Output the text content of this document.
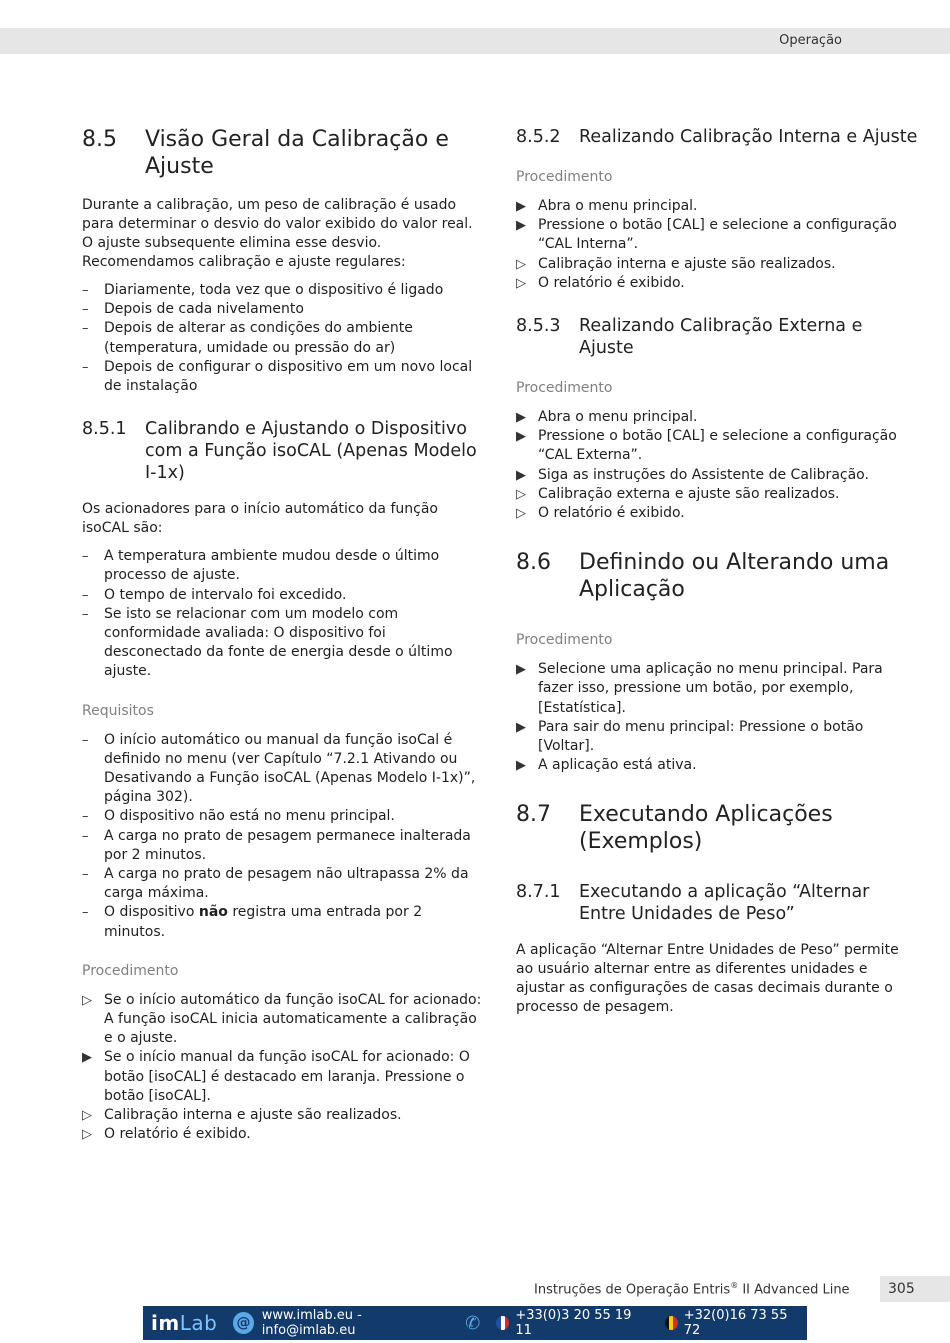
Operação
8.5	Visão Geral da Calibração e Ajuste

Durante a calibração, um peso de calibração é usado para determinar o desvio do valor exibido do valor real. O ajuste subsequente elimina esse desvio. Recomendamos calibração e ajuste regulares:

–	Diariamente, toda vez que o dispositivo é ligado
–	Depois de cada nivelamento
–	Depois de alterar as condições do ambiente (temperatura, umidade ou pressão do ar)
–	Depois de configurar o dispositivo em um novo local de instalação
8.5.1	Calibrando e Ajustando o Dispositivo com a Função isoCAL (Apenas Modelo I-1x)

Os acionadores para o início automático da função isoCAL são:

–	A temperatura ambiente mudou desde o último processo de ajuste.
–	O tempo de intervalo foi excedido.
–	Se isto se relacionar com um modelo com conformidade avaliada: O dispositivo foi desconectado da fonte de energia desde o último ajuste.
Requisitos
–	O início automático ou manual da função isoCal é definido no menu (ver Capítulo “7.2.1 Ativando ou Desativando a Função isoCAL (Apenas Modelo I-1x)”, página 302).
–	O dispositivo não está no menu principal.
–	A carga no prato de pesagem permanece inalterada por 2 minutos.
–	A carga no prato de pesagem não ultrapassa 2% da carga máxima.
–	O dispositivo não registra uma entrada por 2 minutos.
Procedimento
▷ Se o início automático da função isoCAL for acionado: A função isoCAL inicia automaticamente a calibração e o ajuste.
▶ Se o início manual da função isoCAL for acionado: O botão [isoCAL] é destacado em laranja. Pressione o botão [isoCAL].
▷ Calibração interna e ajuste são realizados.
▷ O relatório é exibido.
8.5.2	Realizando Calibração Interna e Ajuste
Procedimento
▶ Abra o menu principal.
▶ Pressione o botão [CAL] e selecione a configuração “CAL Interna”.
▷ Calibração interna e ajuste são realizados.
▷ O relatório é exibido.
8.5.3	Realizando Calibração Externa e Ajuste
Procedimento
▶ Abra o menu principal.
▶ Pressione o botão [CAL] e selecione a configuração “CAL Externa”.
▶ Siga as instruções do Assistente de Calibração.
▷ Calibração externa e ajuste são realizados.
▷ O relatório é exibido.
8.6	Definindo ou Alterando uma Aplicação
Procedimento
▶ Selecione uma aplicação no menu principal. Para fazer isso, pressione um botão, por exemplo, [Estatística].
▶ Para sair do menu principal: Pressione o botão [Voltar].
▶ A aplicação está ativa.
8.7	Executando Aplicações (Exemplos)
8.7.1	Executando a aplicação “Alternar Entre Unidades de Peso”

A aplicação “Alternar Entre Unidades de Peso” permite ao usuário alternar entre as diferentes unidades e ajustar as configurações de casas decimais durante o processo de pesagem.

Instruções de Operação Entris® II Advanced Line	305
imLab @ www.imlab.eu - info@imlab.eu	✆	+33(0)3 20 55 19 11
+32(0)16 73 55 72
